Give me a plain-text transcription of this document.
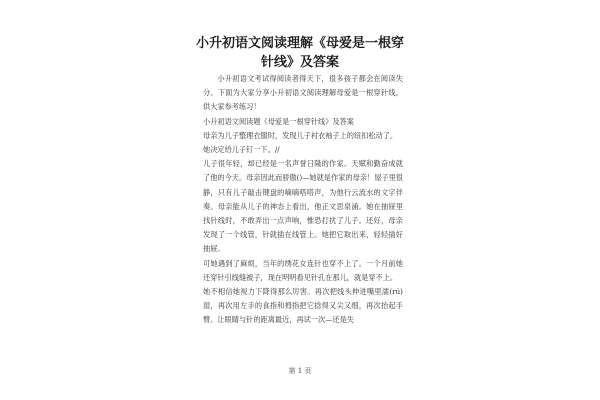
小升初语文阅读理解《母爱是一根穿针线》及答案

小升初语文考试得阅读者得天下，很多孩子都会在阅读失分。下面为大家分享小升初语文阅读理解母爱是一根穿针线，供大家参考练习！

小升初语文阅读题《母爱是一根穿针线》及答案

母亲为儿子整理衣服时，发现儿子衬衣袖子上的纽扣松动了。

她决定给儿子钉一下。//

儿子很年轻，却已经是一名声誉日隆的作家。天赋和勤奋成就了他的今天。母亲因此而骄傲()—她就是作家的母亲！屋子里很静，只有儿子敲击键盘的嘀嘀嗒嗒声，为他行云流水的文字伴奏。母亲能从儿子的神态上看出，他正文思泉涌。她在抽屉里找针线时，不敢弄出一点声响，惟恐打扰了儿子。还好，母亲发现了一个线管，针就插在线管上。她把它取出来，轻轻插好抽屉。

可她遇到了麻烦，当年的绣花女连针也穿不上了。一个月前她还穿针引线缝被子，现在明明看见针孔在那儿，就是穿不上。

她不相信她视力下降得那么厉害。再次把线头伸进嘴里濡(rú)湿，再次用左手的食指和拇指把它捻得又尖又细，再次抬起手臂。让眼睛与针的距离最近，再试一次—还是失

第 1 页
